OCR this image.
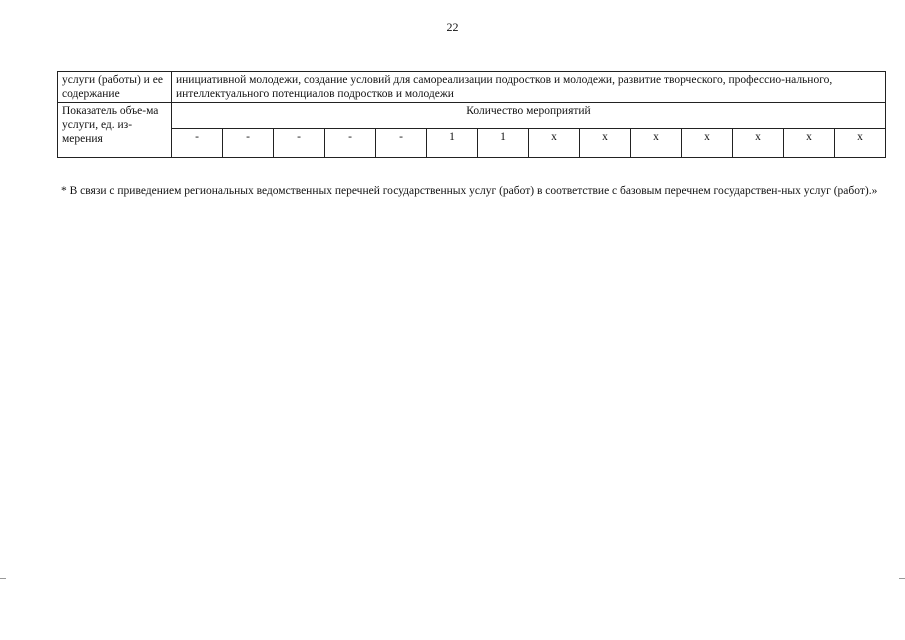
22
услуги (работы) и ее содержание	инициативной молодежи, создание условий для самореализации подростков и молодежи, развитие творческого, профессио-нального, интеллектуального потенциалов подростков и молодежи													
Показатель объе-ма услуги, ед. из-мерения	Количество мероприятий													
	-	-	-	-	-	1	1	x	x	x	x	x	x	x
* В связи с приведением региональных ведомственных перечней государственных услуг (работ) в соответствие с базовым перечнем государствен-ных услуг (работ).»
